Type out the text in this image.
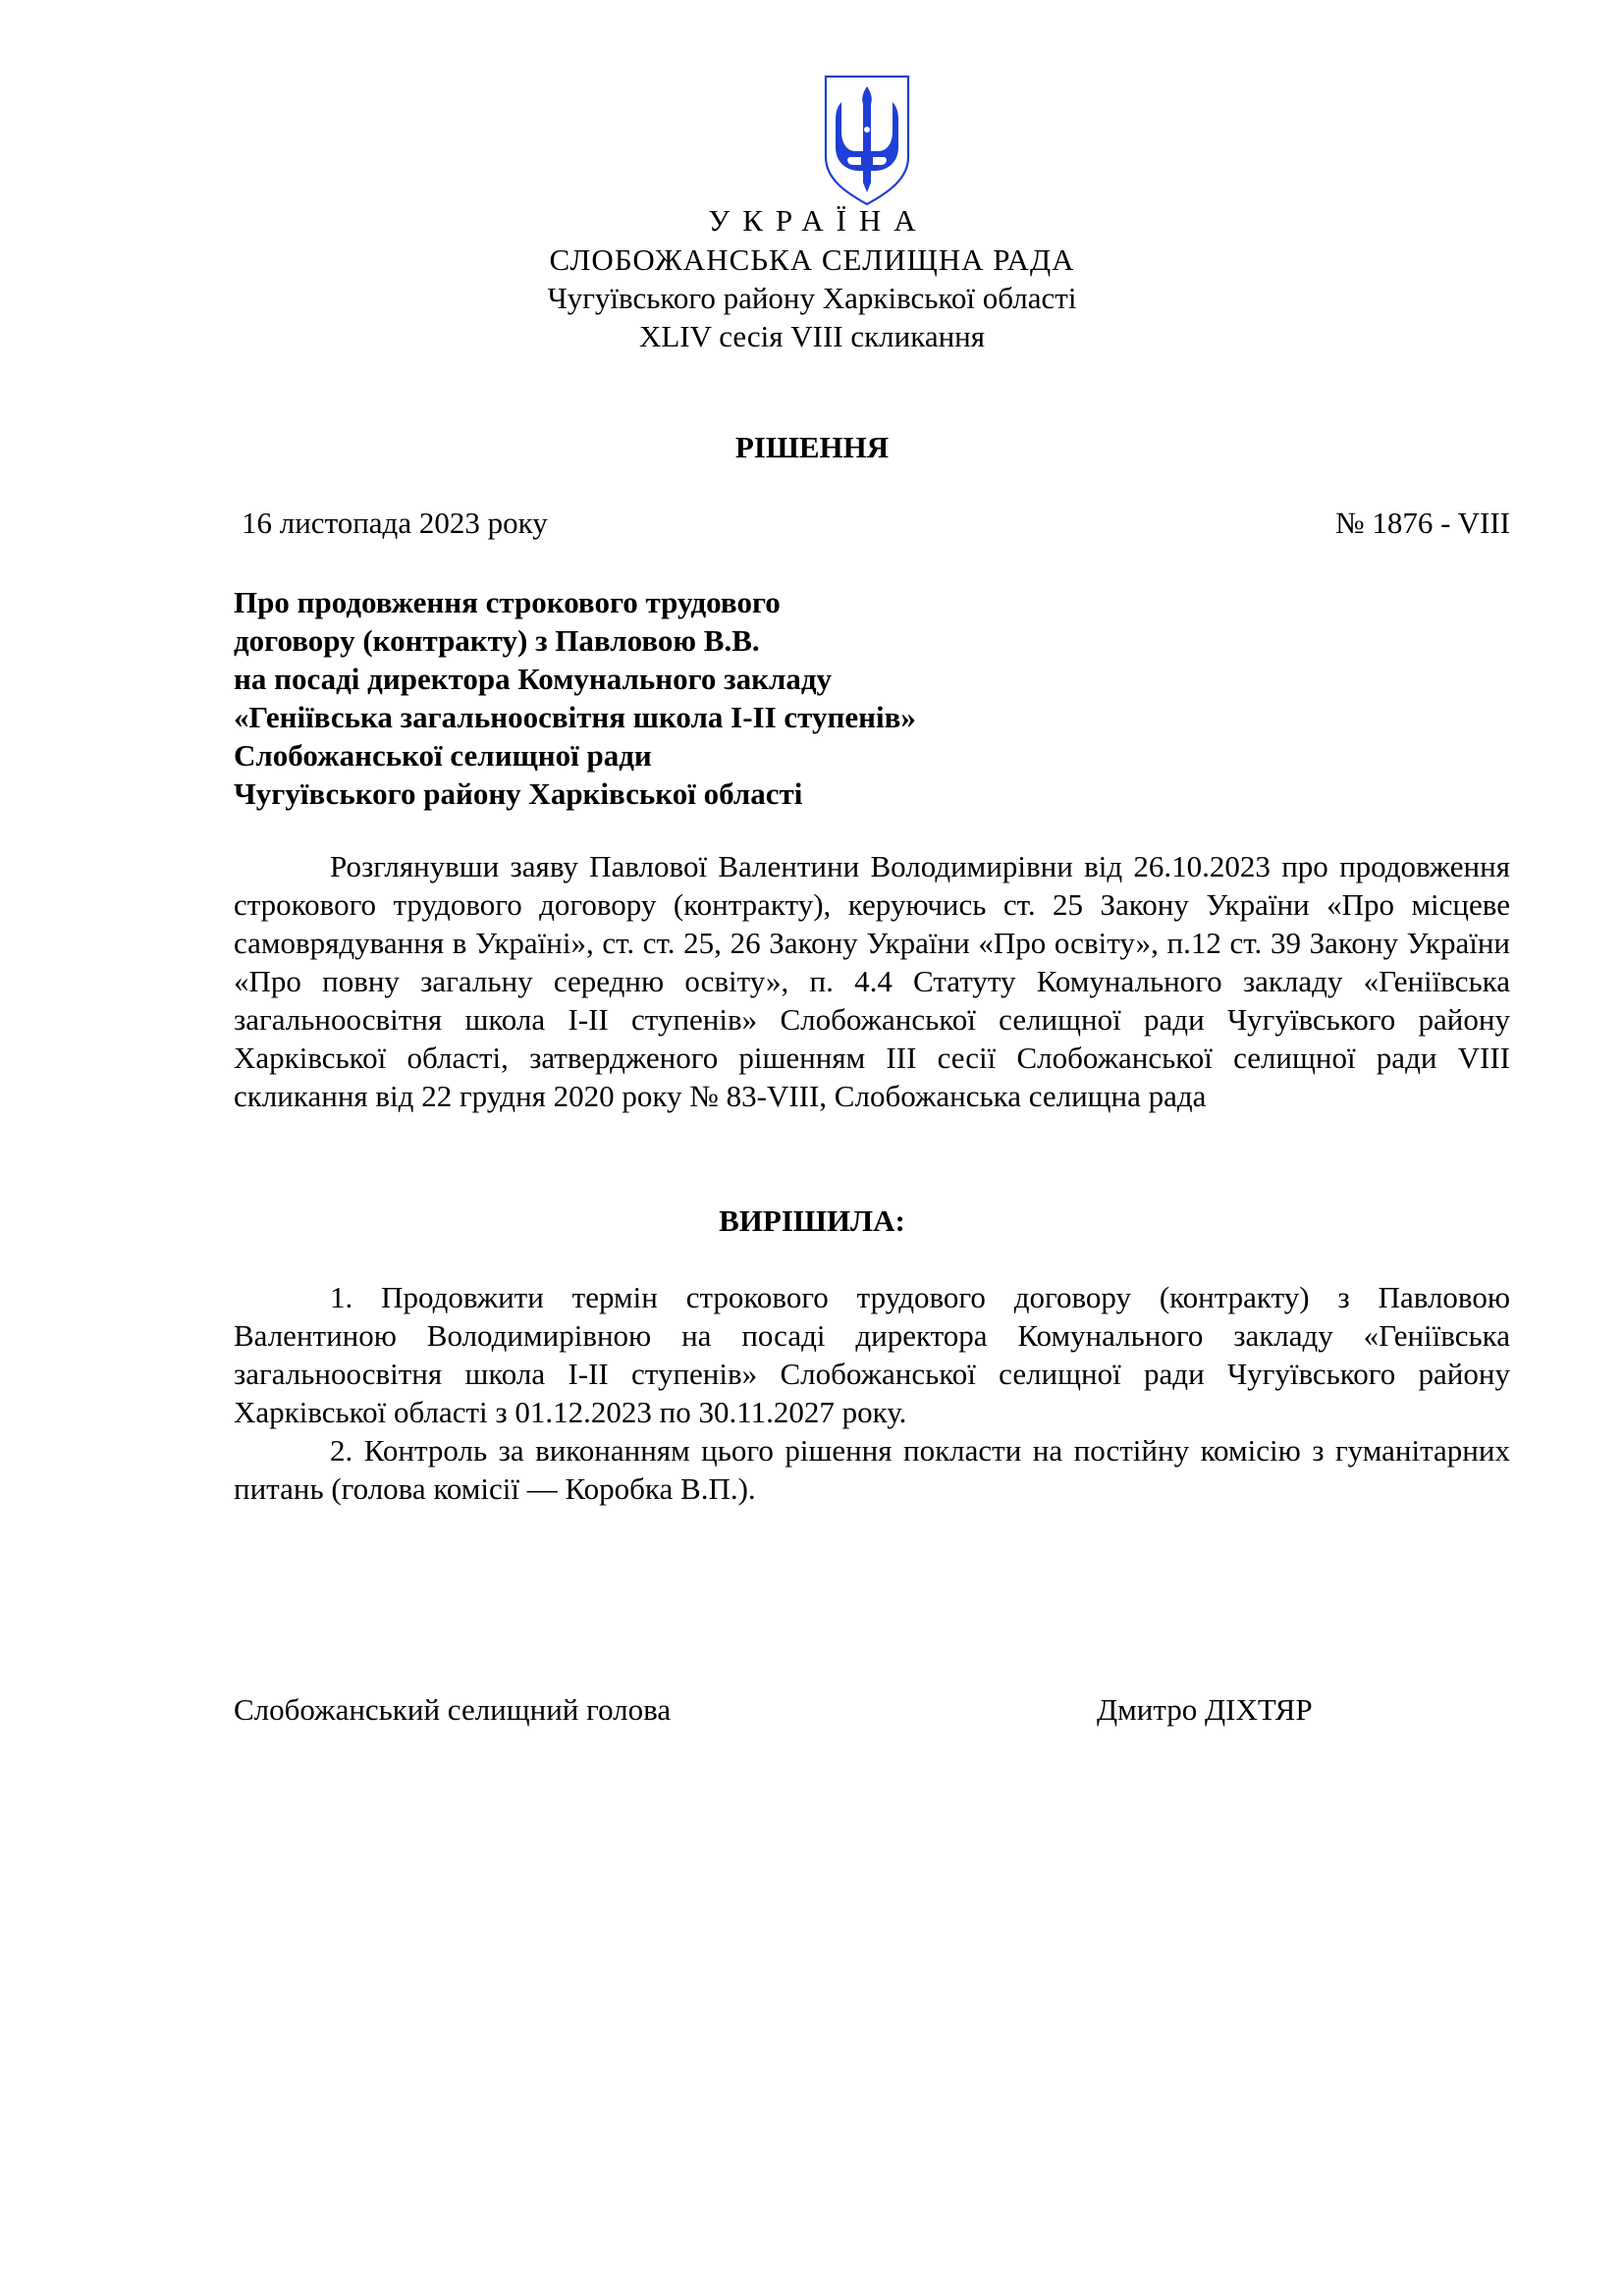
УКРАЇНА
СЛОБОЖАНСЬКА СЕЛИЩНА РАДА
Чугуївського району Харківської області
XLIV сесія VIII скликання
РІШЕННЯ
16 листопада 2023 року	№ 1876 - VIII
Про продовження строкового трудового
договору (контракту) з Павловою В.В.
на посаді директора Комунального закладу
«Геніївська загальноосвітня школа І-ІІ ступенів»
Слобожанської селищної ради
Чугуївського району Харківської області

Розглянувши заяву Павлової Валентини Володимирівни від 26.10.2023 про продовження строкового трудового договору (контракту), керуючись ст. 25 Закону України «Про місцеве самоврядування в Україні», ст. ст. 25, 26 Закону України «Про освіту», п.12 ст. 39 Закону України «Про повну загальну середню освіту», п. 4.4 Статуту Комунального закладу «Геніївська загальноосвітня школа І-ІІ ступенів» Слобожанської селищної ради Чугуївського району Харківської області, затвердженого рішенням ІІІ сесії Слобожанської селищної ради VIII скликання від 22 грудня 2020 року № 83-VIII, Слобожанська селищна рада

ВИРІШИЛА:

1. Продовжити термін строкового трудового договору (контракту) з Павловою Валентиною Володимирівною на посаді директора Комунального закладу «Геніївська загальноосвітня школа І-ІІ ступенів» Слобожанської селищної ради Чугуївського району Харківської області з 01.12.2023 по 30.11.2027 року.

2. Контроль за виконанням цього рішення покласти на постійну комісію з гуманітарних питань (голова комісії — Коробка В.П.).

Слобожанський селищний голова	Дмитро ДІХТЯР
